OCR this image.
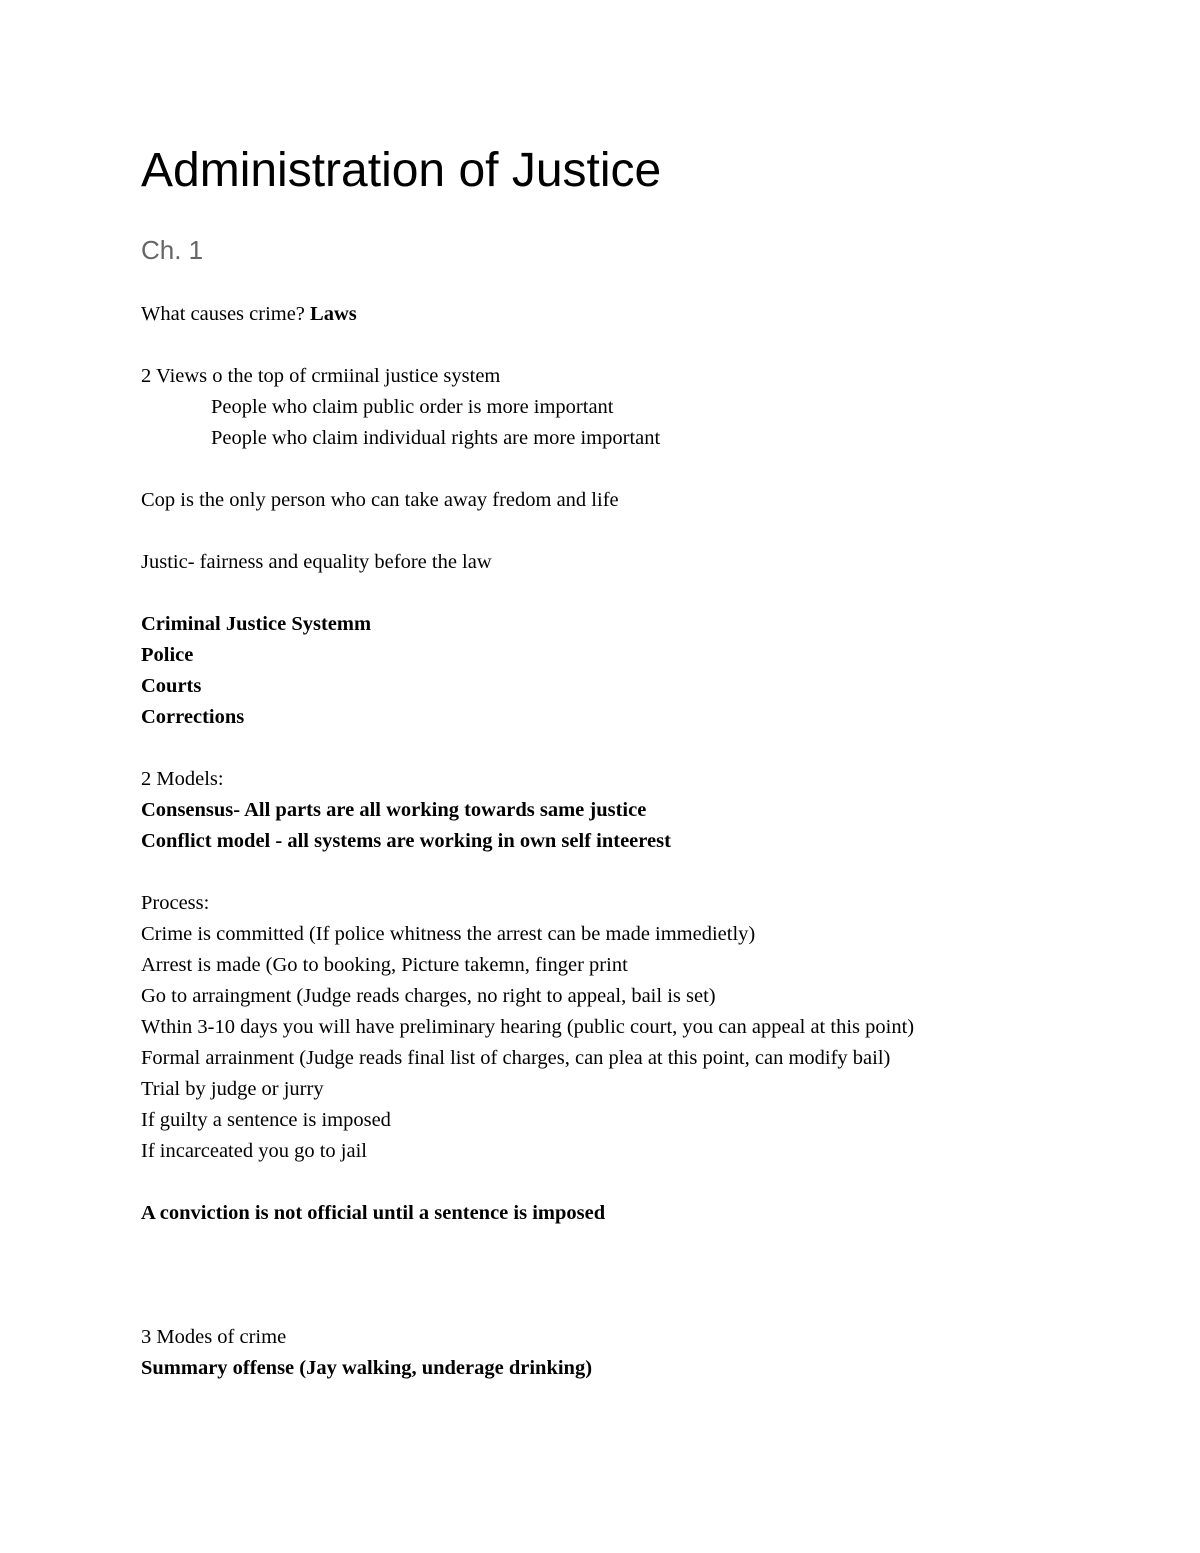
Administration of Justice
Ch. 1
What causes crime? Laws
2 Views o the top of crmiinal justice system
People who claim public order is more important
People who claim individual rights are more important
Cop is the only person who can take away fredom and life
Justic- fairness and equality before the law
Criminal Justice Systemm
Police
Courts
Corrections
2 Models:
Consensus- All parts are all working towards same justice
Conflict model - all systems are working in own self inteerest
Process:
Crime is committed (If police whitness the arrest can be made immedietly)
Arrest is made (Go to booking, Picture takemn, finger print
Go to arraingment (Judge reads charges, no right to appeal, bail is set)
Wthin 3-10 days you will have preliminary hearing (public court, you can appeal at this point)
Formal arrainment (Judge reads final list of charges, can plea at this point, can modify bail)
Trial by judge or jurry
If guilty a sentence is imposed
If incarceated you go to jail
A conviction is not official until a sentence is imposed
3 Modes of crime
Summary offense (Jay walking, underage drinking)
